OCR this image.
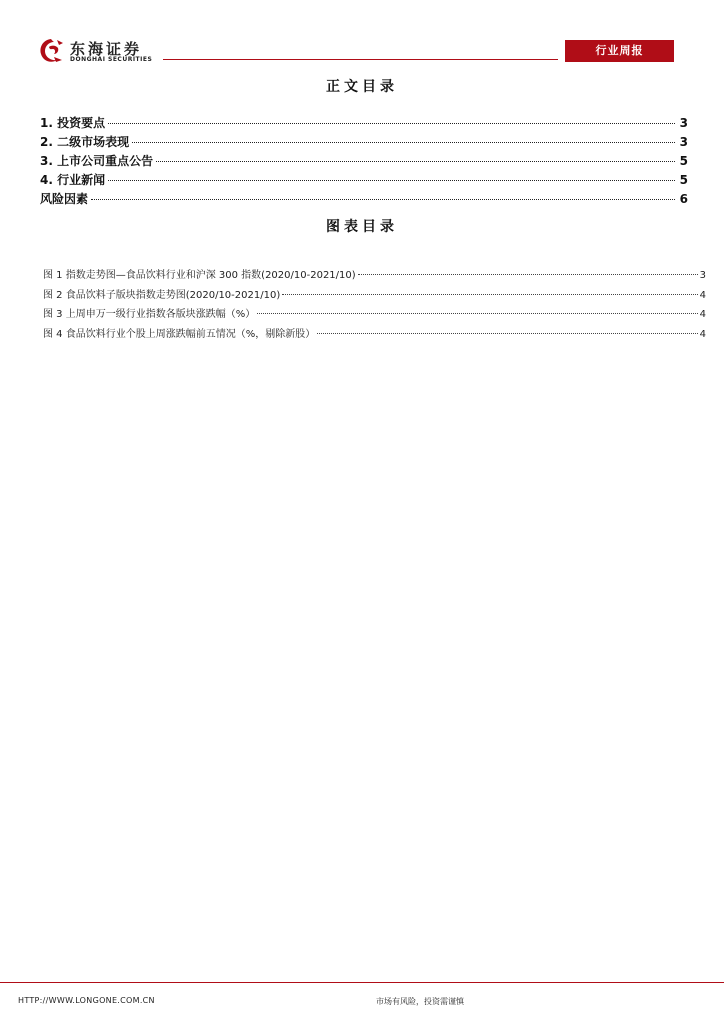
东海证券
DONGHAI SECURITIES
行业周报
正文目录
1. 投资要点	3
2. 二级市场表现	3
3. 上市公司重点公告	5
4. 行业新闻	5
风险因素	6
图表目录
图 1 指数走势图—食品饮料行业和沪深 300 指数(2020/10-2021/10)	3
图 2 食品饮料子版块指数走势图(2020/10-2021/10)	4
图 3 上周申万一级行业指数各版块涨跌幅（%）	4
图 4 食品饮料行业个股上周涨跌幅前五情况（%，剔除新股）	4
HTTP://WWW.LONGONE.COM.CN	市场有风险，投资需谨慎
